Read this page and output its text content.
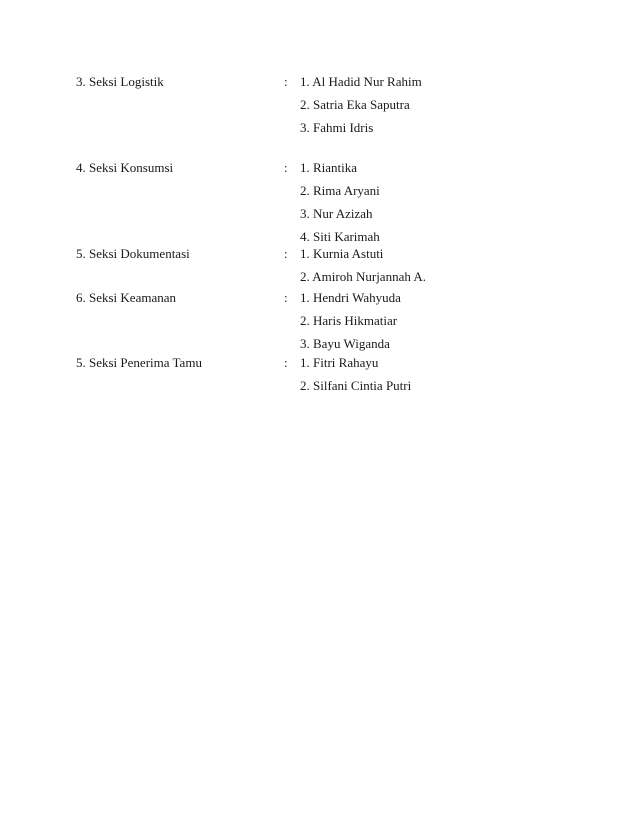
3. Seksi Logistik	: 1. Al Hadid Nur Rahim
2. Satria Eka Saputra
3. Fahmi Idris
4. Seksi Konsumsi	: 1. Riantika
2. Rima Aryani
3. Nur Azizah
4. Siti Karimah
5. Seksi Dokumentasi	: 1. Kurnia Astuti
2. Amiroh Nurjannah A.
6. Seksi Keamanan	: 1. Hendri Wahyuda
2. Haris Hikmatiar
3. Bayu Wiganda
5. Seksi Penerima Tamu	: 1. Fitri Rahayu
2. Silfani Cintia Putri
